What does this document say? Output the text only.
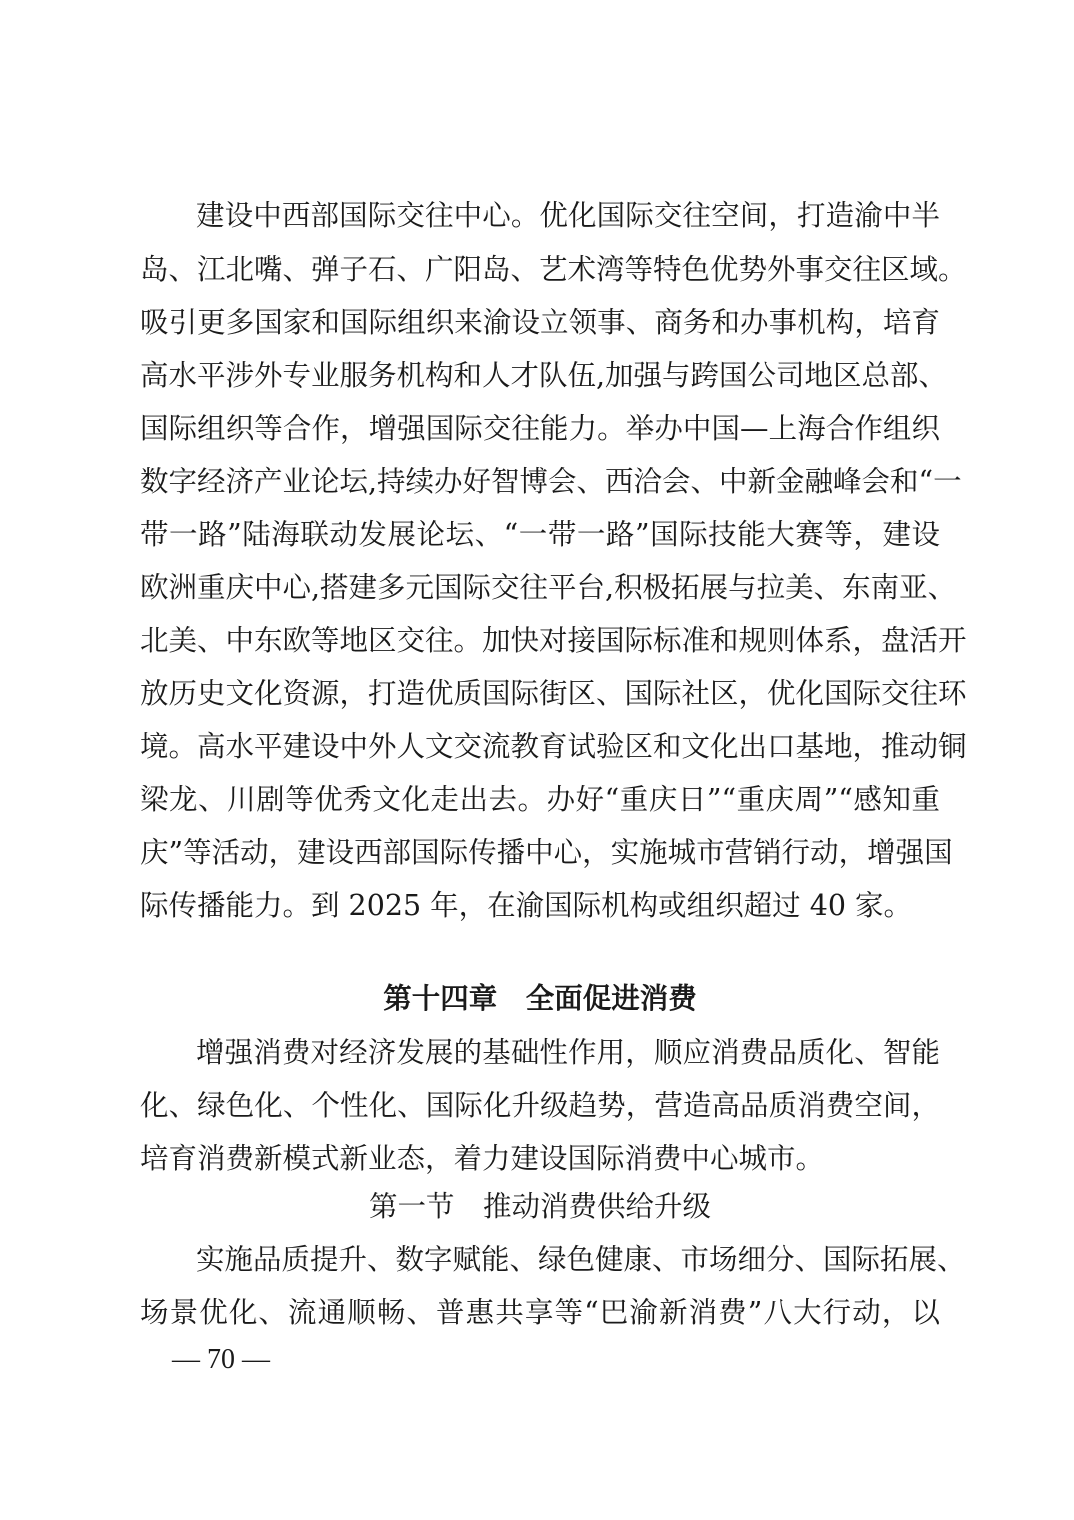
建设中西部国际交往中心。优化国际交往空间，打造渝中半
岛、江北嘴、弹子石、广阳岛、艺术湾等特色优势外事交往区域。
吸引更多国家和国际组织来渝设立领事、商务和办事机构，培育
高水平涉外专业服务机构和人才队伍,加强与跨国公司地区总部、
国际组织等合作，增强国际交往能力。举办中国—上海合作组织
数字经济产业论坛,持续办好智博会、西洽会、中新金融峰会和“一
带一路”陆海联动发展论坛、“一带一路”国际技能大赛等，建设
欧洲重庆中心,搭建多元国际交往平台,积极拓展与拉美、东南亚、
北美、中东欧等地区交往。加快对接国际标准和规则体系，盘活开
放历史文化资源，打造优质国际街区、国际社区，优化国际交往环
境。高水平建设中外人文交流教育试验区和文化出口基地，推动铜
梁龙、川剧等优秀文化走出去。办好“重庆日”“重庆周”“感知重
庆”等活动，建设西部国际传播中心，实施城市营销行动，增强国
际传播能力。到 2025 年，在渝国际机构或组织超过 40 家。
第十四章　全面促进消费
增强消费对经济发展的基础性作用，顺应消费品质化、智能
化、绿色化、个性化、国际化升级趋势，营造高品质消费空间，
培育消费新模式新业态，着力建设国际消费中心城市。
第一节　推动消费供给升级
实施品质提升、数字赋能、绿色健康、市场细分、国际拓展、
场景优化、流通顺畅、普惠共享等“巴渝新消费”八大行动，以
— 70 —
